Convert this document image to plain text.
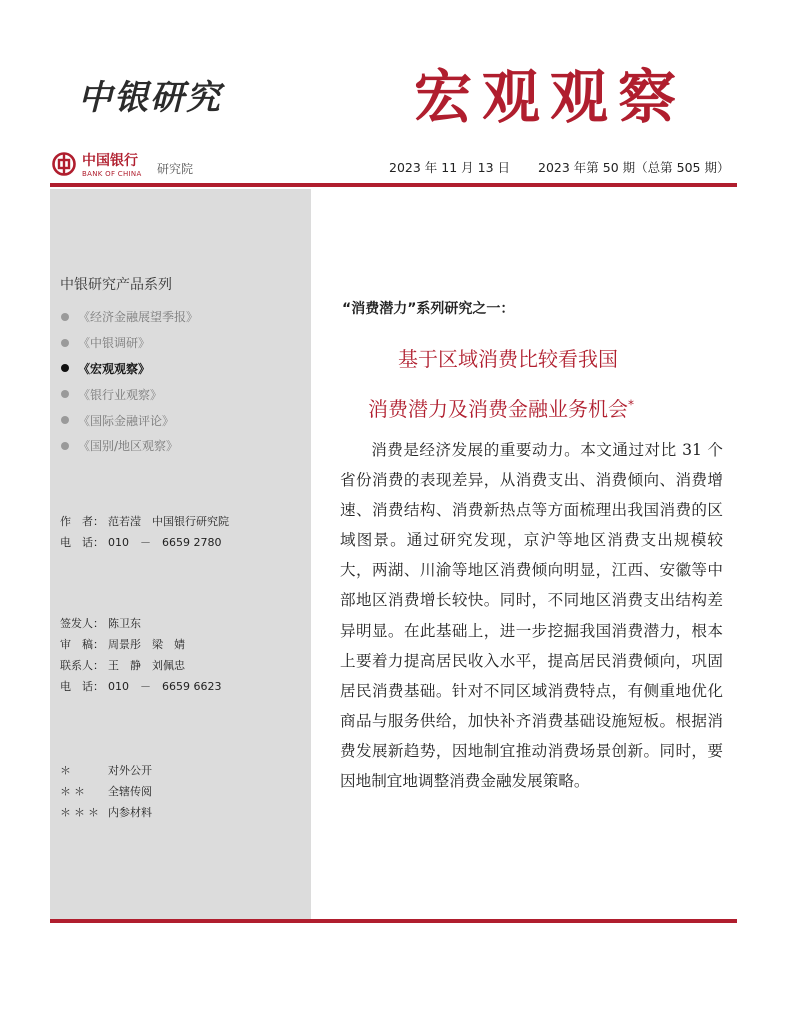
中银研究	宏观观察
中国银行
BANK OF CHINA 研究院	2023 年 11 月 13 日 2023 年第 50 期（总第 505 期）
中银研究产品系列
《经济金融展望季报》
《中银调研》
《宏观观察》
《银行业观察》
《国际金融评论》
《国别/地区观察》
作　者： 范若滢　中国银行研究院
电　话： 010　－　6659 2780
签发人： 陈卫东
审　稿： 周景彤　梁　婧
联系人： 王　静　刘佩忠
电　话： 010　－　6659 6623
＊	对外公开
＊＊ 全辖传阅
＊＊＊ 内参材料
“消费潜力”系列研究之一：
基于区域消费比较看我国
消费潜力及消费金融业务机会*

消费是经济发展的重要动力。本文通过对比 31 个省份消费的表现差异，从消费支出、消费倾向、消费增速、消费结构、消费新热点等方面梳理出我国消费的区域图景。通过研究发现，京沪等地区消费支出规模较大，两湖、川渝等地区消费倾向明显，江西、安徽等中部地区消费增长较快。同时，不同地区消费支出结构差异明显。在此基础上，进一步挖掘我国消费潜力，根本上要着力提高居民收入水平，提高居民消费倾向，巩固居民消费基础。针对不同区域消费特点，有侧重地优化商品与服务供给，加快补齐消费基础设施短板。根据消费发展新趋势，因地制宜推动消费场景创新。同时，要因地制宜地调整消费金融发展策略。
